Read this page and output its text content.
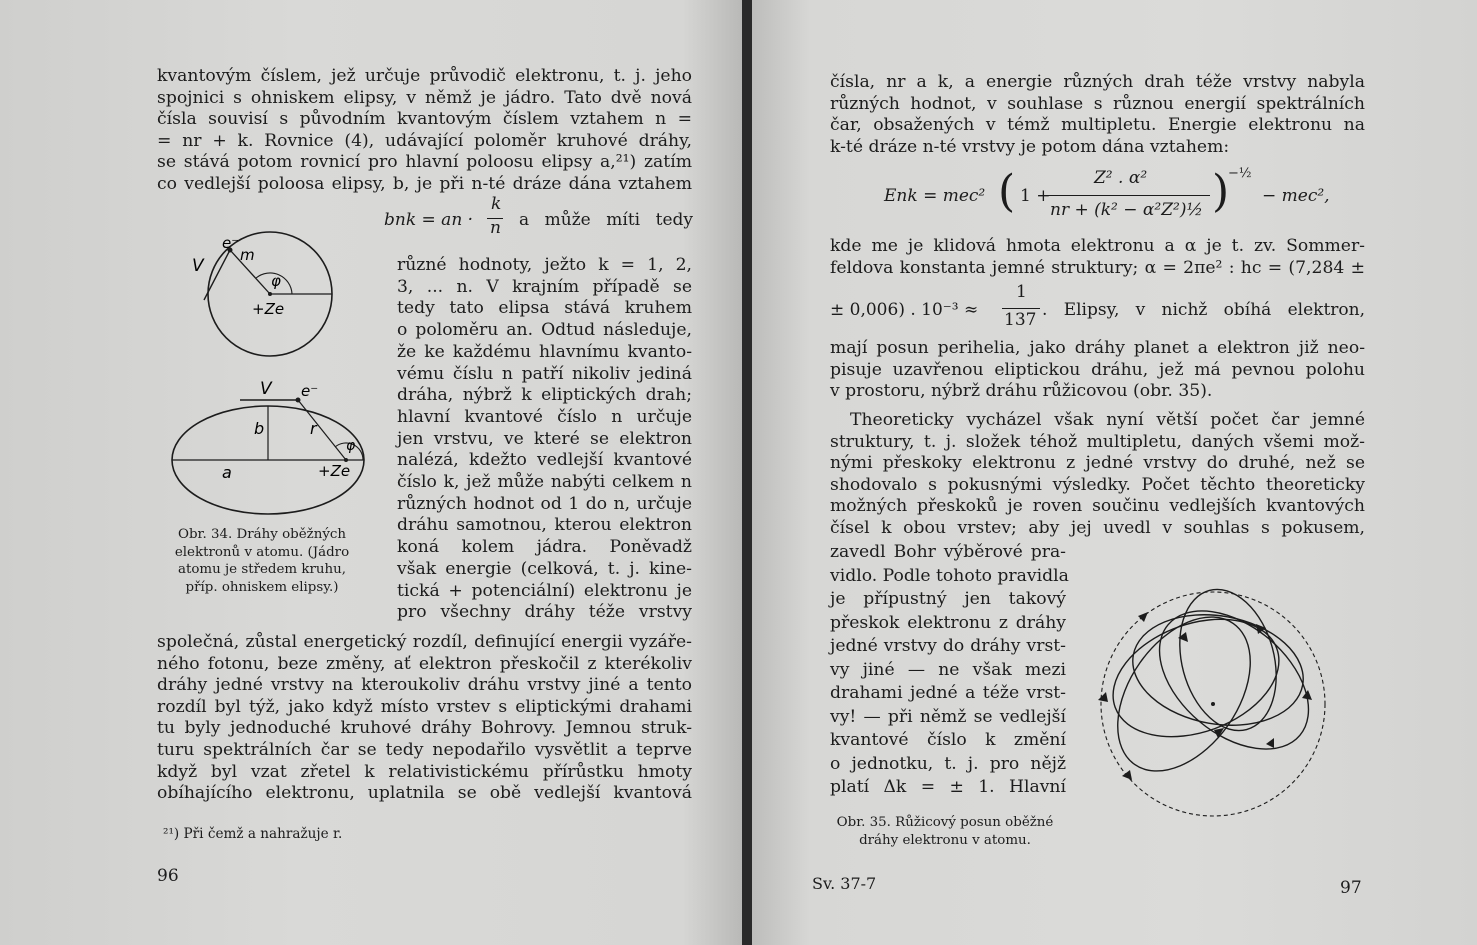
kvantovým číslem, jež určuje průvodič elektronu, t. j. jeho
spojnici s ohniskem elipsy, v němž je jádro. Tato dvě nová
čísla souvisí s původním kvantovým číslem vztahem n =
= nr + k. Rovnice (4), udávající poloměr kruhové dráhy,
se stává potom rovnicí pro hlavní poloosu elipsy a,²¹) zatím
co vedlejší poloosa elipsy, b, je při n-té dráze dána vztahem
bnk = an ·
k
n a může míti tedy
V
e⁻
m
φ
+Ze
V e⁻
b	r
a
φ
+Ze
různé hodnoty, ježto k = 1, 2,
3, ... n. V krajním případě se
tedy tato elipsa stává kruhem
o poloměru an. Odtud následuje,
že ke každému hlavnímu kvanto-
vému číslu n patří nikoliv jediná
dráha, nýbrž k eliptických drah;
hlavní kvantové číslo n určuje
jen vrstvu, ve které se elektron
nalézá, kdežto vedlejší kvantové
číslo k, jež může nabýti celkem n
různých hodnot od 1 do n, určuje
dráhu samotnou, kterou elektron
koná kolem jádra. Poněvadž
však energie (celková, t. j. kine-
tická + potenciální) elektronu je
pro všechny dráhy téže vrstvy
Obr. 34. Dráhy oběžných
elektronů v atomu. (Jádro
atomu je středem kruhu,
příp. ohniskem elipsy.)
společná, zůstal energetický rozdíl, definující energii vyzáře-
ného fotonu, beze změny, ať elektron přeskočil z kterékoliv
dráhy jedné vrstvy na kteroukoliv dráhu vrstvy jiné a tento
rozdíl byl týž, jako když místo vrstev s eliptickými drahami
tu byly jednoduché kruhové dráhy Bohrovy. Jemnou struk-
turu spektrálních čar se tedy nepodařilo vysvětlit a teprve
když byl vzat zřetel k relativistickému přírůstku hmoty
obíhajícího elektronu, uplatnila se obě vedlejší kvantová
²¹) Při čemž a nahražuje r.
96
čísla, nr a k, a energie různých drah téže vrstvy nabyla
různých hodnot, v souhlase s různou energií spektrálních
čar, obsažených v témž multipletu. Energie elektronu na
k-té dráze n-té vrstvy je potom dána vztahem:
Enk = mec² ( 1 +
Z² . α²
nr + (k² − α²Z²)½ )
−½
− mec²,
kde me je klidová hmota elektronu a α je t. zv. Sommer-
feldova konstanta jemné struktury; α = 2πe² : hc = (7,284 ±
± 0,006) . 10⁻³ ≈
1
137 . Elipsy, v nichž obíhá elektron,
mají posun perihelia, jako dráhy planet a elektron již neo-
pisuje uzavřenou eliptickou dráhu, jež má pevnou polohu
v prostoru, nýbrž dráhu růžicovou (obr. 35).
Theoreticky vycházel však nyní větší počet čar jemné
struktury, t. j. složek téhož multipletu, daných všemi mož-
nými přeskoky elektronu z jedné vrstvy do druhé, než se
shodovalo s pokusnými výsledky. Počet těchto theoreticky
možných přeskoků je roven součinu vedlejších kvantových
čísel k obou vrstev; aby jej uvedl v souhlas s pokusem,
zavedl Bohr výběrové pra-
vidlo. Podle tohoto pravidla
je přípustný jen takový
přeskok elektronu z dráhy
jedné vrstvy do dráhy vrst-
vy jiné — ne však mezi
drahami jedné a téže vrst-
vy! — při němž se vedlejší
kvantové číslo k změní
o jednotku, t. j. pro nějž
platí Δk = ± 1. Hlavní
Obr. 35. Růžicový posun oběžné
dráhy elektronu v atomu.
Sv. 37-7	97
